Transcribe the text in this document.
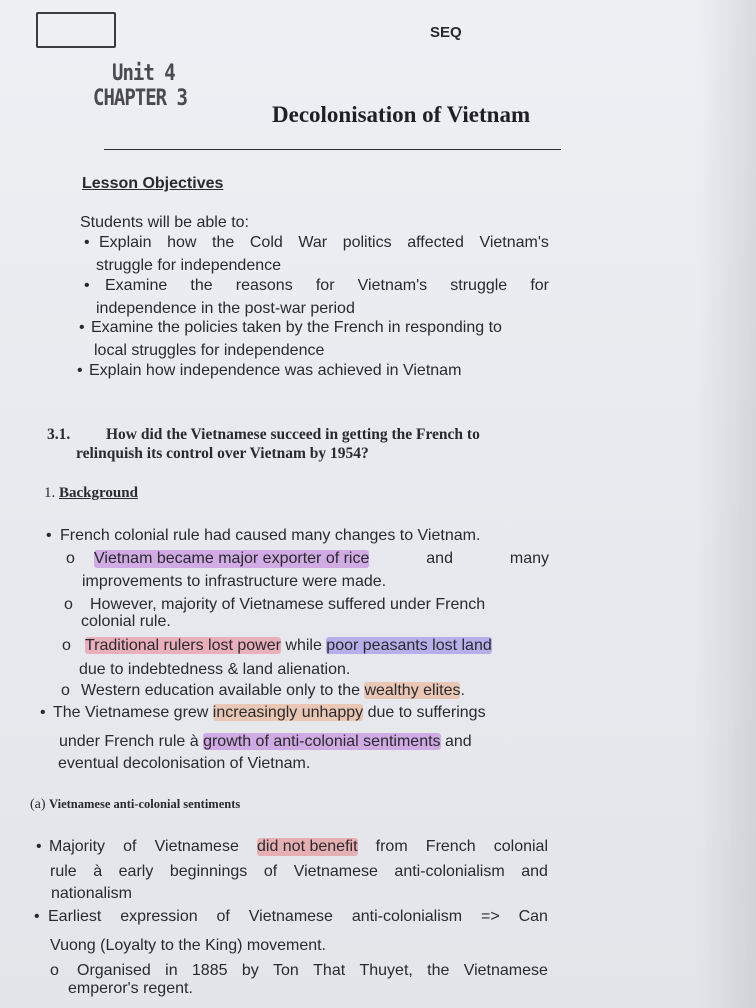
SEQ
Unit 4
CHAPTER 3
Decolonisation of Vietnam
Lesson Objectives
Students will be able to:
• Explain how the Cold War politics affected Vietnam's
struggle for independence
• Examine the reasons for Vietnam's struggle for
independence in the post-war period
• Examine the policies taken by the French in responding to
local struggles for independence
• Explain how independence was achieved in Vietnam
3.1. How did the Vietnamese succeed in getting the French to
relinquish its control over Vietnam by 1954?
1. Background
• French colonial rule had caused many changes to Vietnam.
o Vietnam became major exporter of rice	and	many
improvements to infrastructure were made.
o However, majority of Vietnamese suffered under French
colonial rule.
o Traditional rulers lost power while poor peasants lost land
due to indebtedness & land alienation.
o Western education available only to the wealthy elites.
• The Vietnamese grew increasingly unhappy due to sufferings
under French rule à growth of anti-colonial sentiments and
eventual decolonisation of Vietnam.
(a) Vietnamese anti-colonial sentiments
• Majority of Vietnamese did not benefit from French colonial
rule à early beginnings of Vietnamese anti-colonialism and
nationalism
• Earliest expression of Vietnamese anti-colonialism => Can
Vuong (Loyalty to the King) movement.
o Organised in 1885 by Ton That Thuyet, the Vietnamese
emperor's regent.
